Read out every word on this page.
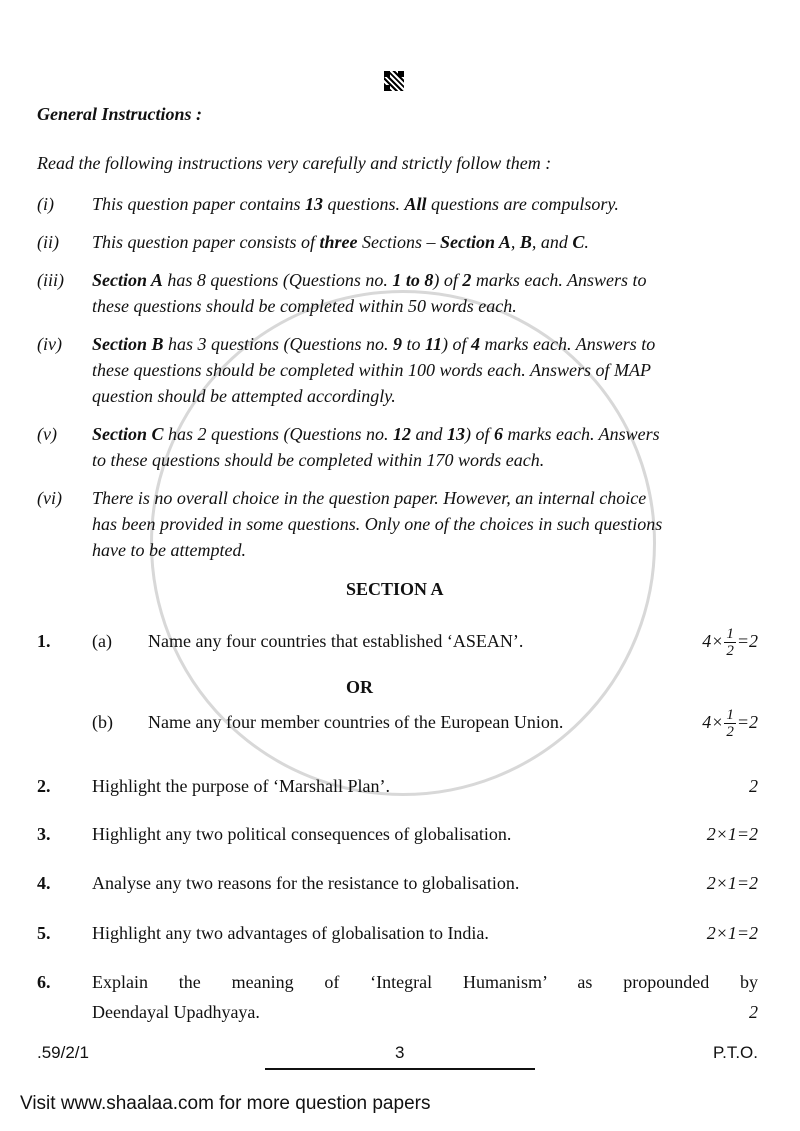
General Instructions :
Read the following instructions very carefully and strictly follow them :
(i) This question paper contains 13 questions. All questions are compulsory.
(ii) This question paper consists of three Sections – Section A, B, and C.
(iii) Section A has 8 questions (Questions no. 1 to 8) of 2 marks each. Answers to
these questions should be completed within 50 words each.
(iv) Section B has 3 questions (Questions no. 9 to 11) of 4 marks each. Answers to
these questions should be completed within 100 words each. Answers of MAP
question should be attempted accordingly.
(v) Section C has 2 questions (Questions no. 12 and 13) of 6 marks each. Answers
to these questions should be completed within 170 words each.
(vi) There is no overall choice in the question paper. However, an internal choice
has been provided in some questions. Only one of the choices in such questions
have to be attempted.
SECTION A
1. (a) Name any four countries that established ‘ASEAN’.	$4\times \frac{1}{2} =2$
OR
(b) Name any four member countries of the European Union.	$4\times \frac{1}{2} =2$
2. Highlight the purpose of ‘Marshall Plan’.	2
3. Highlight any two political consequences of globalisation.	2×1=2
4. Analyse any two reasons for the resistance to globalisation.	2×1=2
5. Highlight any two advantages of globalisation to India.	2×1=2
6. Explain the meaning of ‘Integral Humanism’ as propounded by
Deendayal Upadhyaya.	2
.59/2/1	3	P.T.O.
Visit www.shaalaa.com for more question papers
